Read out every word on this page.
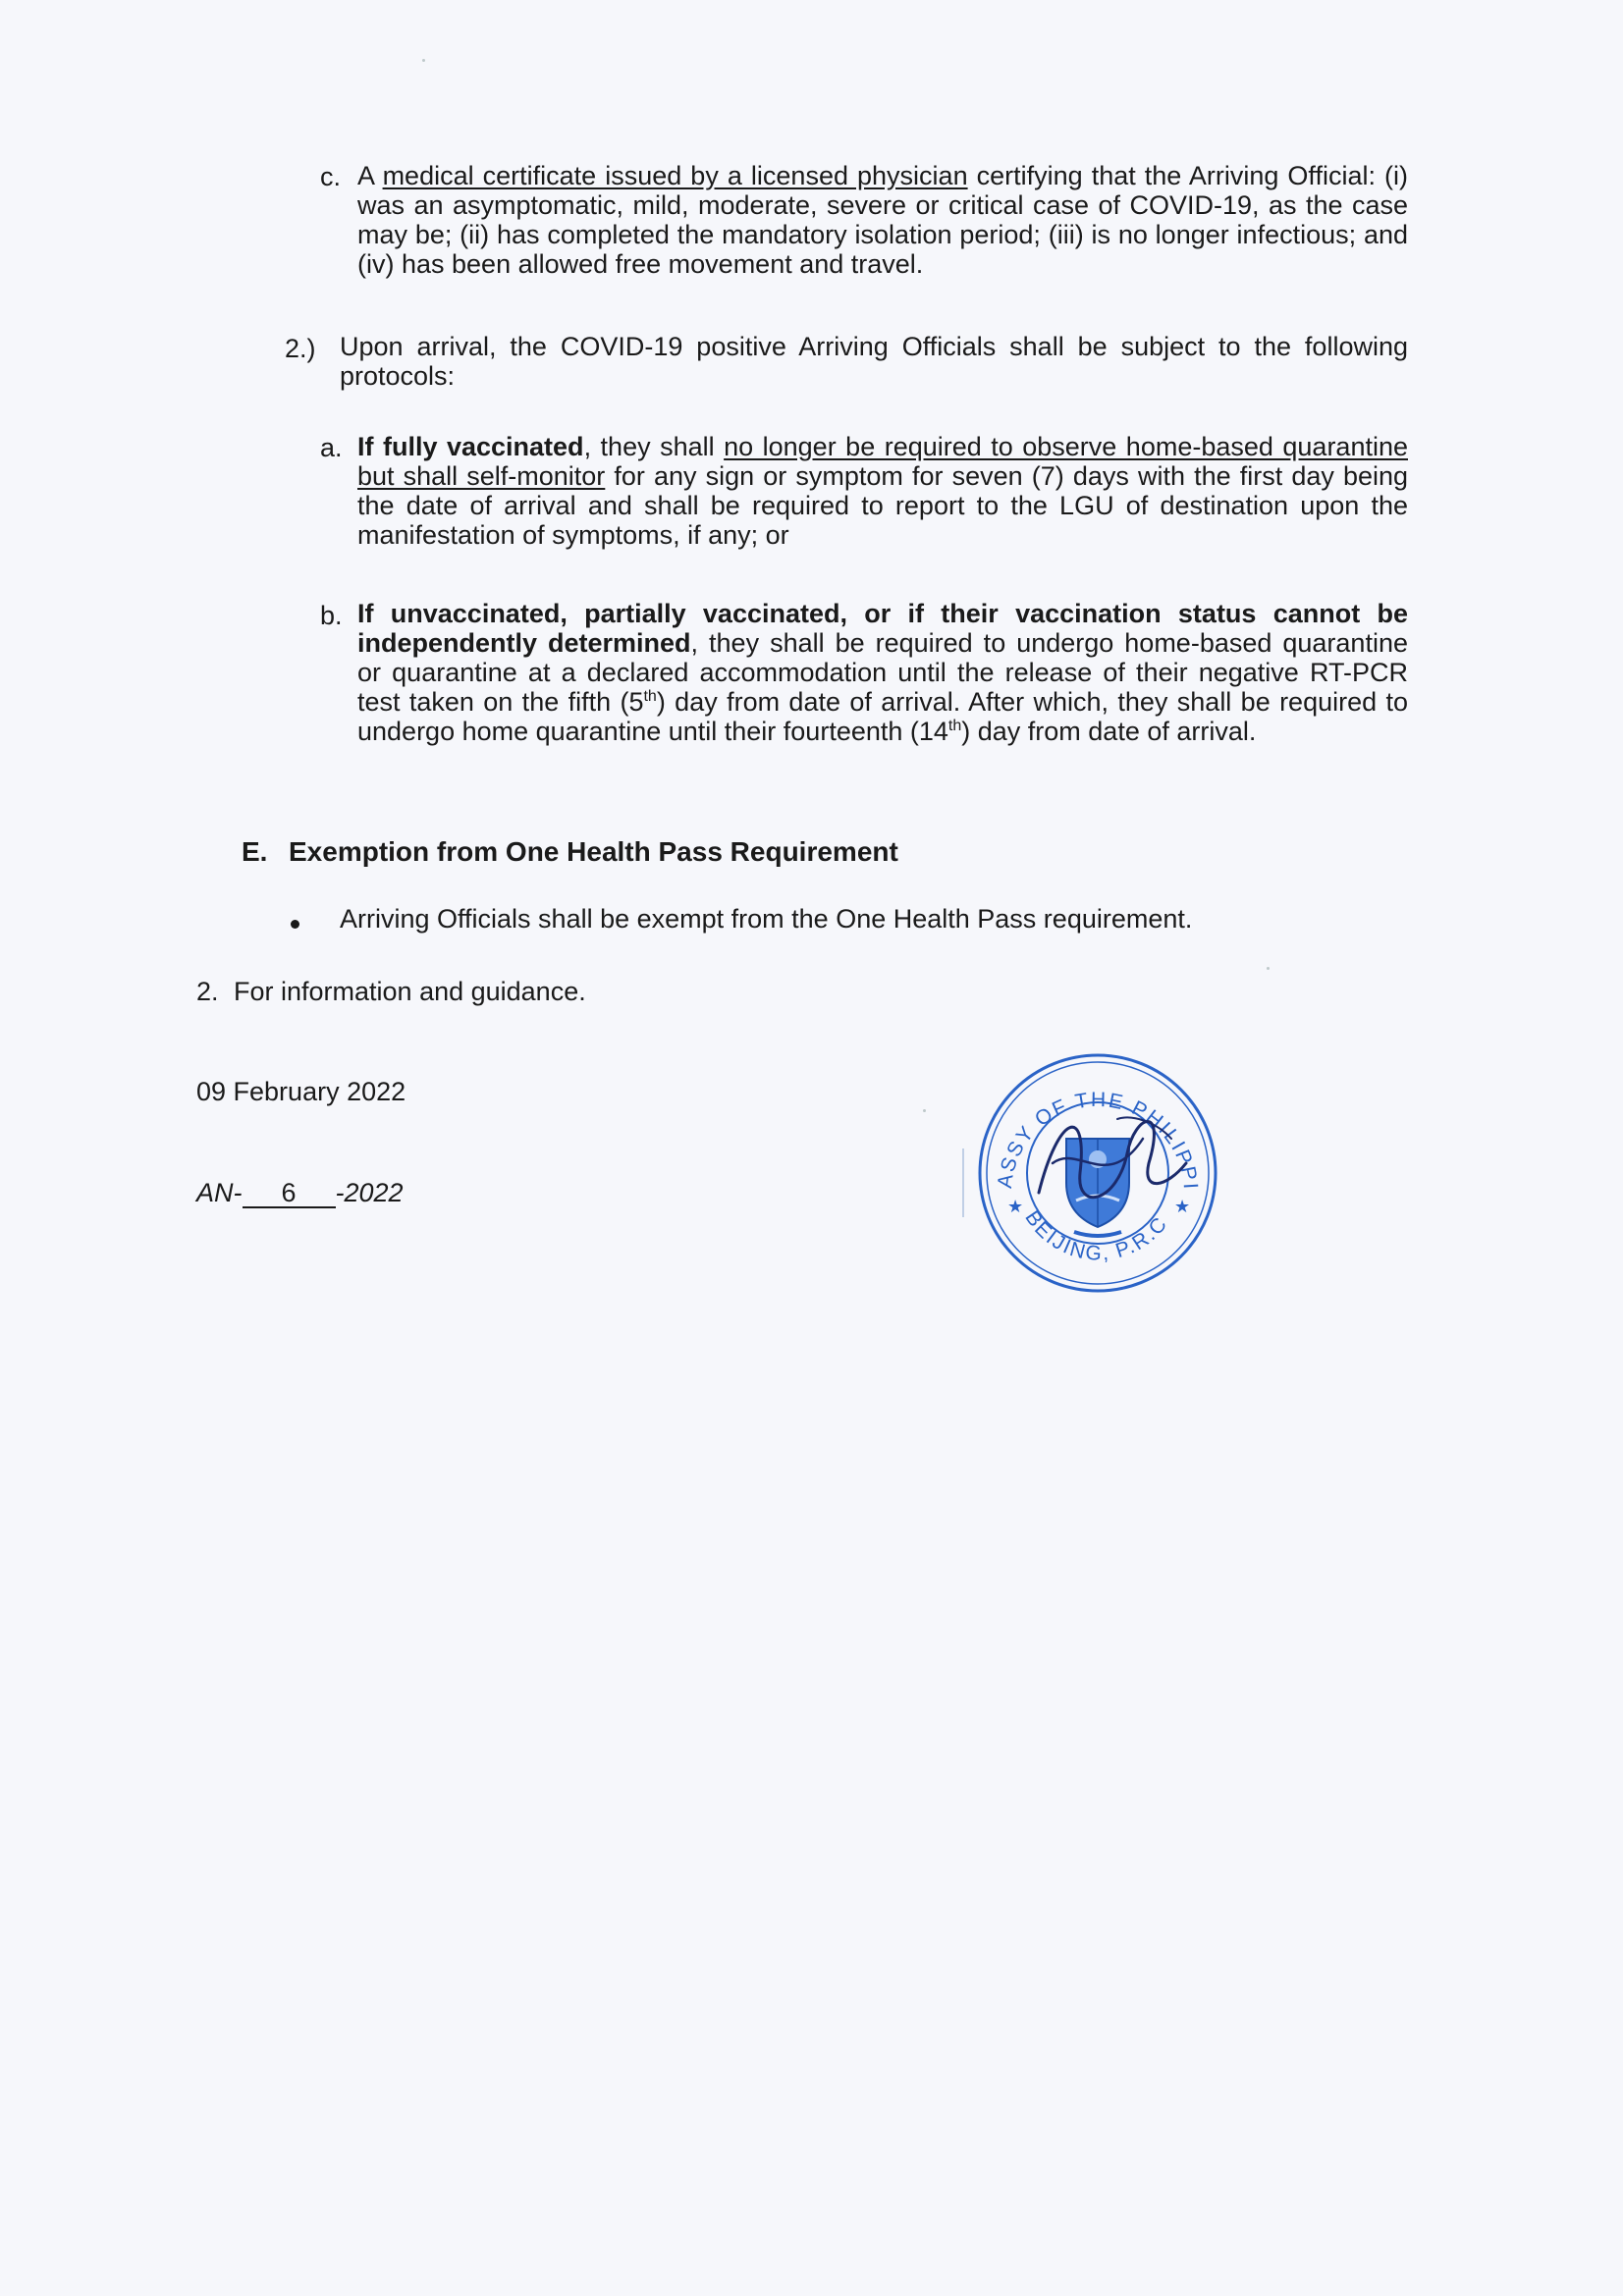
c. A medical certificate issued by a licensed physician certifying that the Arriving Official: (i) was an asymptomatic, mild, moderate, severe or critical case of COVID-19, as the case may be; (ii) has completed the mandatory isolation period; (iii) is no longer infectious; and (iv) has been allowed free movement and travel.
2.) Upon arrival, the COVID-19 positive Arriving Officials shall be subject to the following protocols:
a. If fully vaccinated, they shall no longer be required to observe home-based quarantine but shall self-monitor for any sign or symptom for seven (7) days with the first day being the date of arrival and shall be required to report to the LGU of destination upon the manifestation of symptoms, if any; or
b. If unvaccinated, partially vaccinated, or if their vaccination status cannot be independently determined, they shall be required to undergo home-based quarantine or quarantine at a declared accommodation until the release of their negative RT-PCR test taken on the fifth (5th) day from date of arrival. After which, they shall be required to undergo home quarantine until their fourteenth (14th) day from date of arrival.
E. Exemption from One Health Pass Requirement
Arriving Officials shall be exempt from the One Health Pass requirement.
2. For information and guidance.
09 February 2022
AN- 6 -2022	ASSY OF THE PHILIPPI
BEIJING, P.R.C
★	★
